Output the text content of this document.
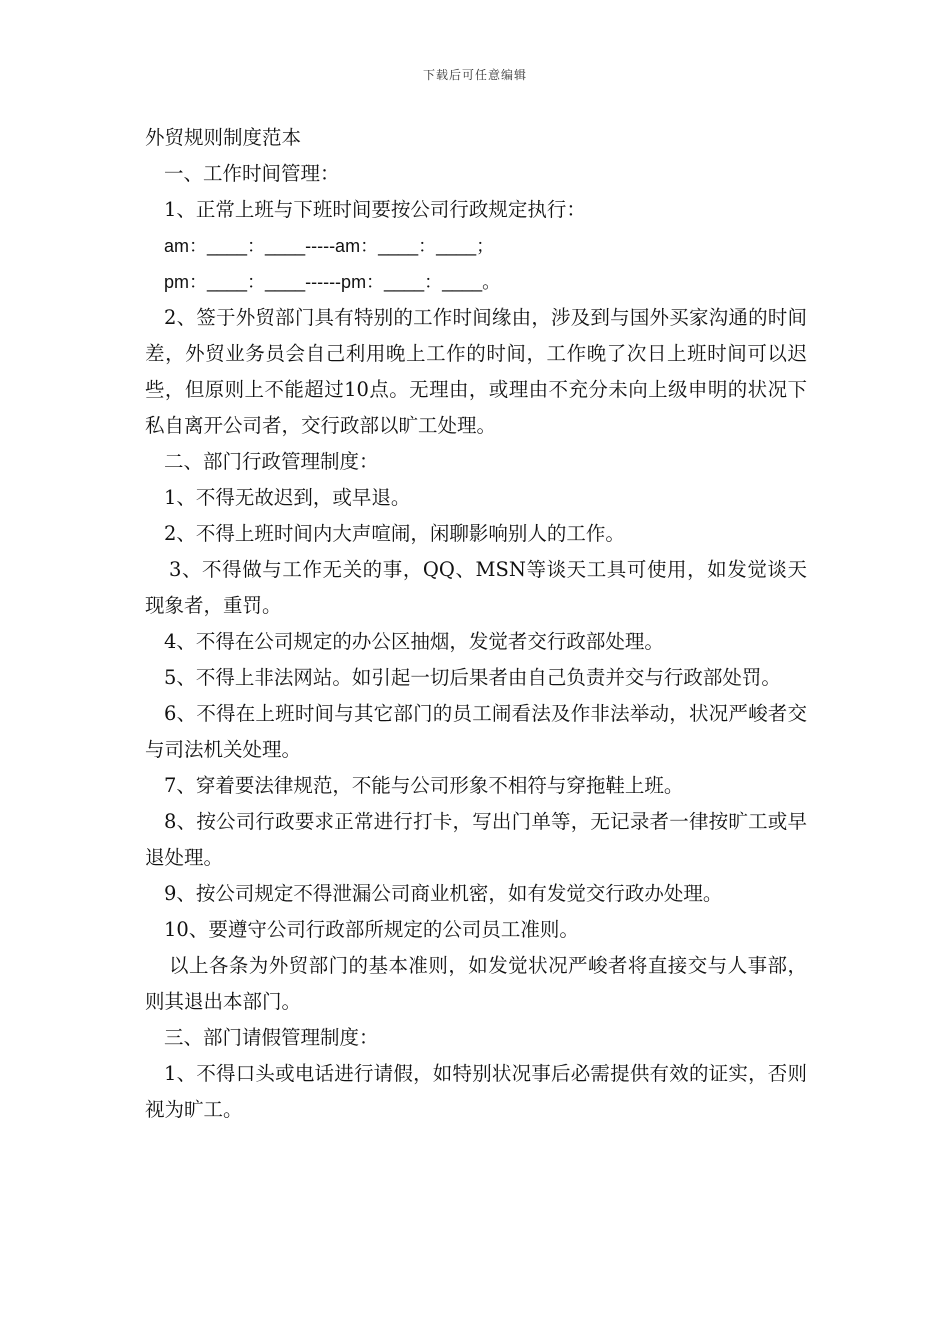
下载后可任意编辑

外贸规则制度范本

一、工作时间管理：

1、正常上班与下班时间要按公司行政规定执行：

am：____：____-----am：____：____；

pm：____：____------pm：____：____。

2、签于外贸部门具有特别的工作时间缘由，涉及到与国外买家沟通的时间差，外贸业务员会自己利用晚上工作的时间，工作晚了次日上班时间可以迟些，但原则上不能超过10点。无理由，或理由不充分未向上级申明的状况下私自离开公司者，交行政部以旷工处理。

二、部门行政管理制度：

1、不得无故迟到，或早退。

2、不得上班时间内大声喧闹，闲聊影响别人的工作。

3、不得做与工作无关的事，QQ、MSN等谈天工具可使用，如发觉谈天现象者，重罚。

4、不得在公司规定的办公区抽烟，发觉者交行政部处理。

5、不得上非法网站。如引起一切后果者由自己负责并交与行政部处罚。

6、不得在上班时间与其它部门的员工闹看法及作非法举动，状况严峻者交与司法机关处理。

7、穿着要法律规范，不能与公司形象不相符与穿拖鞋上班。

8、按公司行政要求正常进行打卡，写出门单等，无记录者一律按旷工或早退处理。

9、按公司规定不得泄漏公司商业机密，如有发觉交行政办处理。

10、要遵守公司行政部所规定的公司员工准则。

以上各条为外贸部门的基本准则，如发觉状况严峻者将直接交与人事部，则其退出本部门。

三、部门请假管理制度：

1、不得口头或电话进行请假，如特别状况事后必需提供有效的证实，否则视为旷工。
